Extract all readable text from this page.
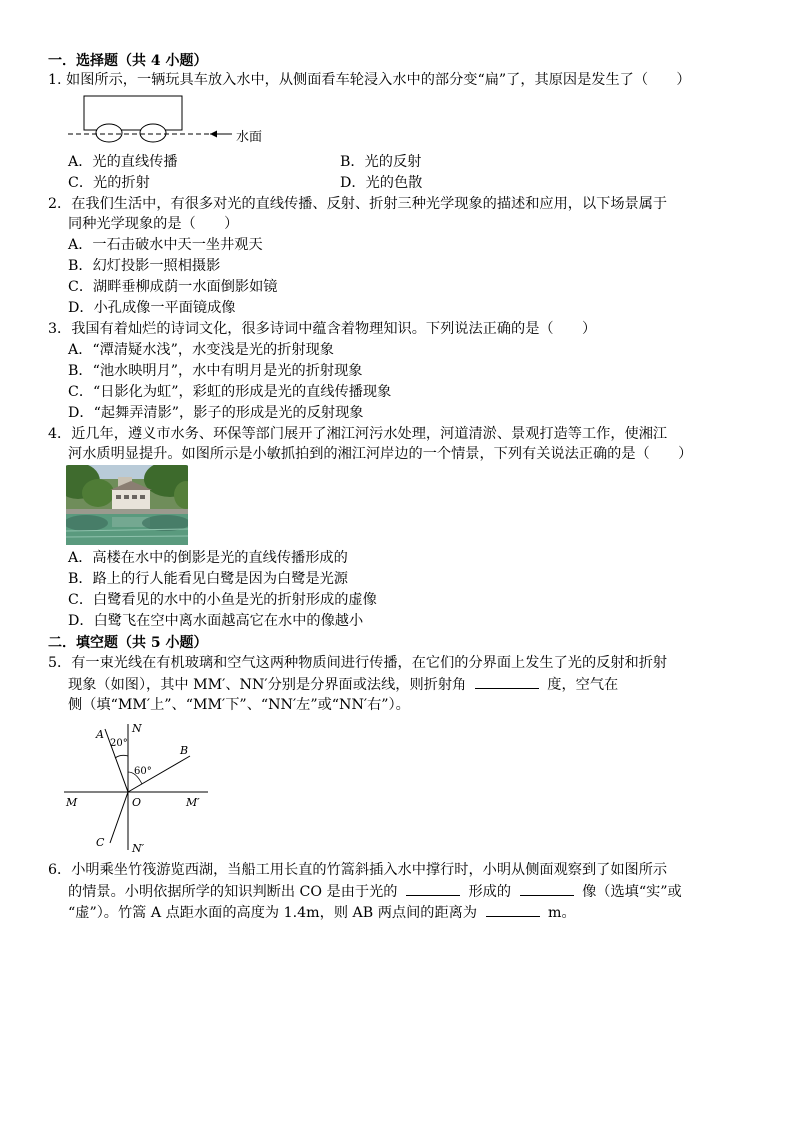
一．选择题（共 4 小题）
1. 如图所示，一辆玩具车放入水中，从侧面看车轮浸入水中的部分变“扁”了，其原因是发生了（　　）
水面
A．光的直线传播	B．光的反射
C．光的折射	D．光的色散
2．在我们生活中，有很多对光的直线传播、反射、折射三种光学现象的描述和应用，以下场景属于
同种光学现象的是（　　）
A．一石击破水中天一坐井观天
B．幻灯投影一照相摄影
C．湖畔垂柳成荫一水面倒影如镜
D．小孔成像一平面镜成像
3．我国有着灿烂的诗词文化，很多诗词中蕴含着物理知识。下列说法正确的是（　　）
A．“潭清疑水浅”，水变浅是光的折射现象
B．“池水映明月”，水中有明月是光的折射现象
C．“日影化为虹”，彩虹的形成是光的直线传播现象
D．“起舞弄清影”，影子的形成是光的反射现象
4．近几年，遵义市水务、环保等部门展开了湘江河污水处理，河道清淤、景观打造等工作，使湘江
河水质明显提升。如图所示是小敏抓拍到的湘江河岸边的一个情景，下列有关说法正确的是（　　）
A．高楼在水中的倒影是光的直线传播形成的
B．路上的行人能看见白鹭是因为白鹭是光源
C．白鹭看见的水中的小鱼是光的折射形成的虚像
D．白鹭飞在空中离水面越高它在水中的像越小
二．填空题（共 5 小题）
5．有一束光线在有机玻璃和空气这两种物质间进行传播，在它们的分界面上发生了光的反射和折射
现象（如图），其中 MM′、NN′分别是分界面或法线，则折射角	度，空气在
侧（填“MM′上”、“MM′下”、“NN′左”或“NN′右”）。
N
A
20°
B
60°
M	O	M′
C	N′
6．小明乘坐竹筏游览西湖，当船工用长直的竹篙斜插入水中撑行时，小明从侧面观察到了如图所示
的情景。小明依据所学的知识判断出 CO 是由于光的	形成的	像（选填“实”或
“虚”）。竹篙 A 点距水面的高度为 1.4m，则 AB 两点间的距离为	m。
